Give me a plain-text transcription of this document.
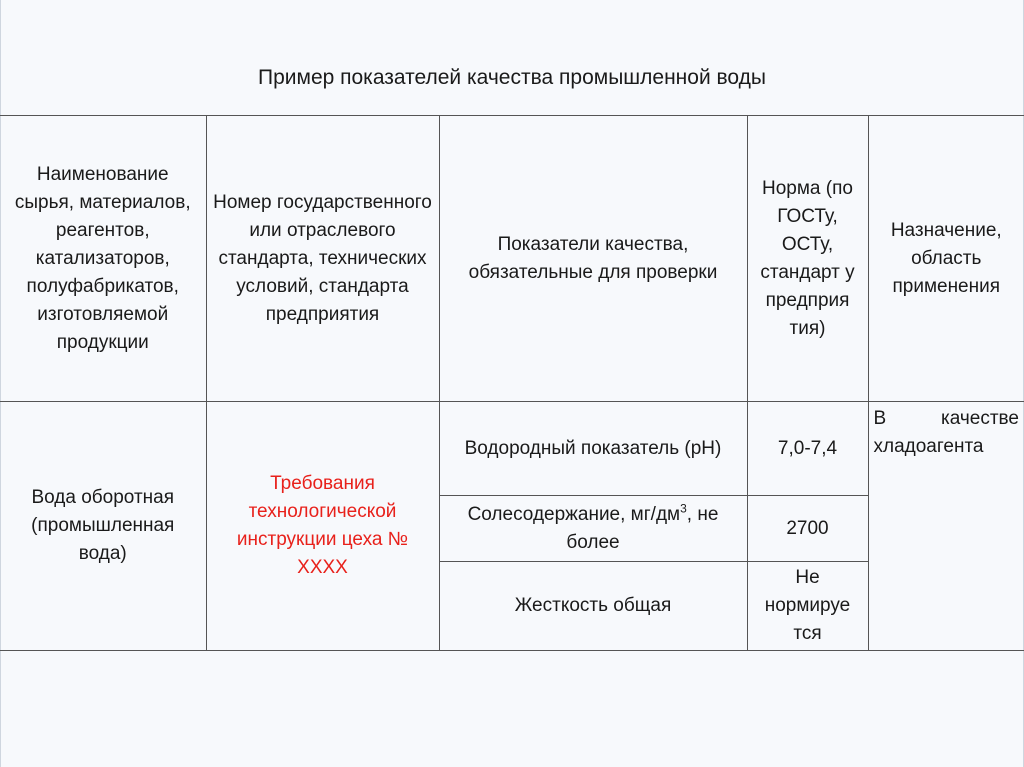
Пример показателей качества промышленной воды
Наименование сырья, материалов, реагентов, катализаторов, полуфабрикатов, изготовляемой продукции	Номер государственного или отраслевого стандарта, технических условий, стандарта предприятия	Показатели качества, обязательные для проверки	Норма (по ГОСТу, ОСТу, стандарт у предприя тия)	Назначение, область применения
Вода оборотная (промышленная вода)	Требования технологической инструкции цеха № ХХХХ	Водородный показатель (рН)	7,0-7,4	В качестве хладоагента
		Солесодержание, $мг/дм^3$, не более	2700	
		Жесткость общая	Не нормируе тся	
